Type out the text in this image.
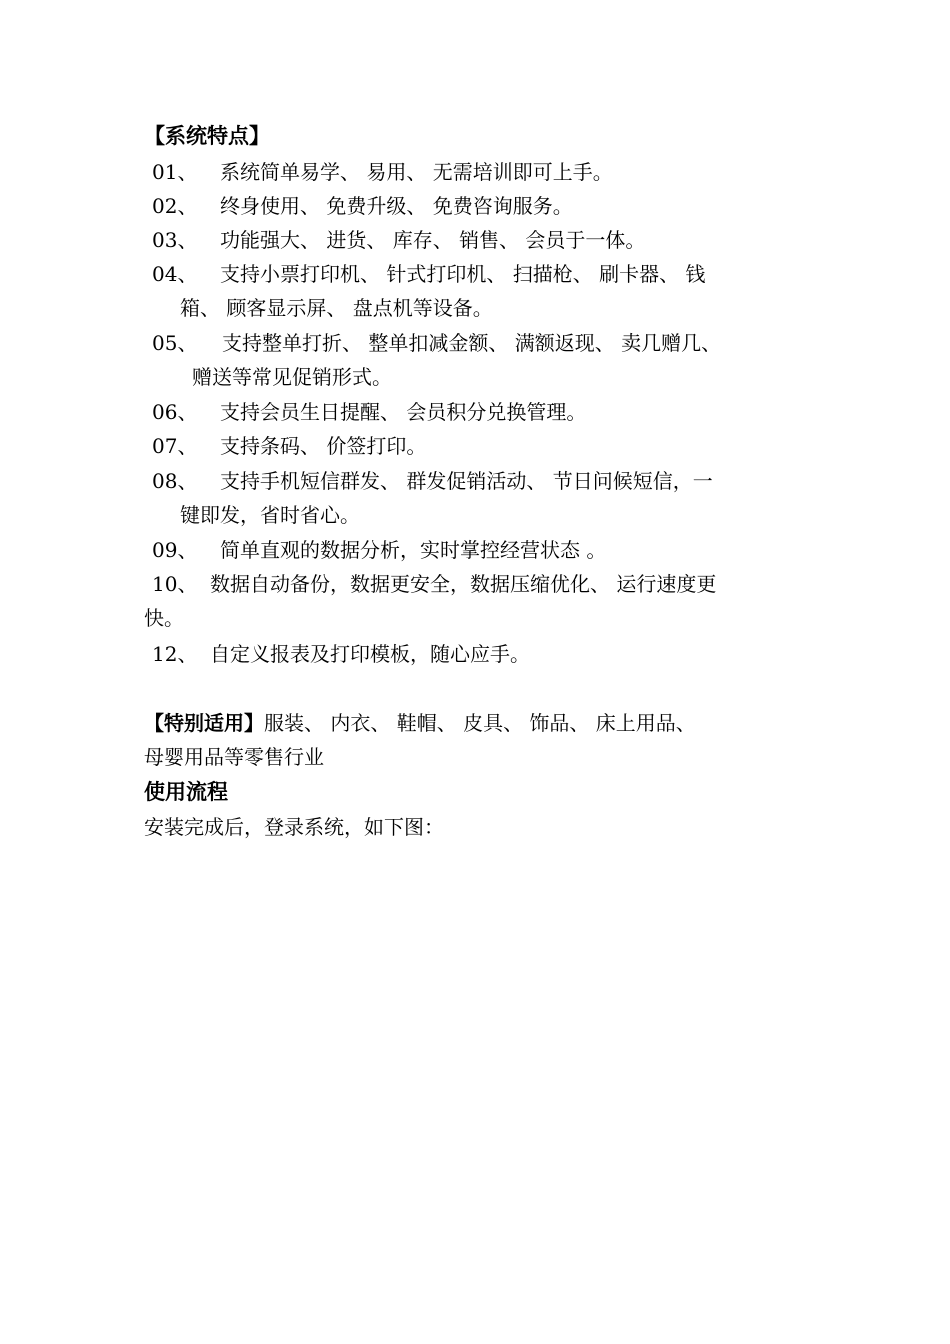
【系统特点】
01、 系统简单易学、 易用、 无需培训即可上手。
02、 终身使用、 免费升级、 免费咨询服务。
03、 功能强大、 进货、 库存、 销售、 会员于一体。
04、 支持小票打印机、 针式打印机、 扫描枪、 刷卡器、 钱
箱、 顾客显示屏、 盘点机等设备。
05、 支持整单打折、 整单扣减金额、 满额返现、 卖几赠几、
赠送等常见促销形式。
06、 支持会员生日提醒、 会员积分兑换管理。
07、 支持条码、 价签打印。
08、 支持手机短信群发、 群发促销活动、 节日问候短信，一
键即发，省时省心。
09、 简单直观的数据分析，实时掌控经营状态 。
10、 数据自动备份，数据更安全，数据压缩优化、 运行速度更
快。
12、 自定义报表及打印模板，随心应手。
【特别适用】服装、 内衣、 鞋帽、 皮具、 饰品、 床上用品、
母婴用品等零售行业
使用流程
安装完成后，登录系统，如下图：
